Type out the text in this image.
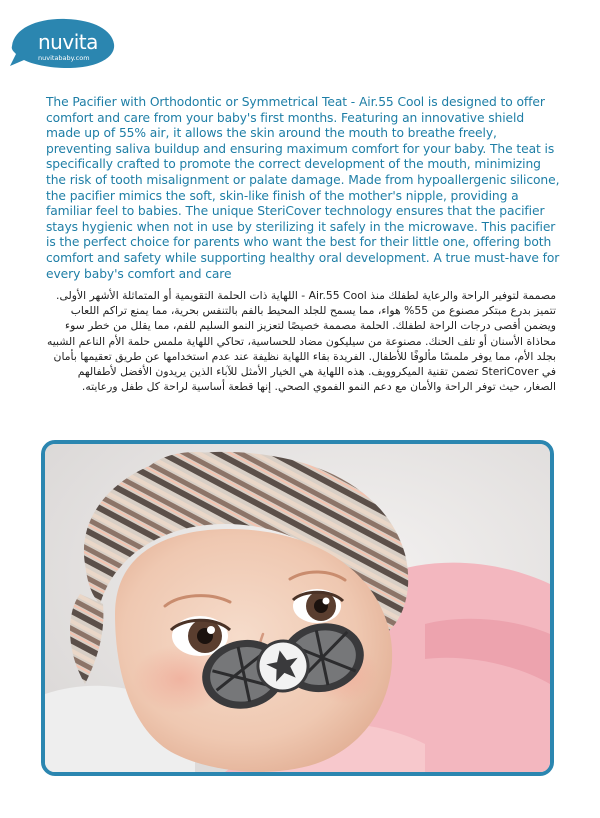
nuvita
nuvitababy.com

The Pacifier with Orthodontic or Symmetrical Teat - Air.55 Cool is designed to offer comfort and care from your baby's first months. Featuring an innovative shield made up of 55% air, it allows the skin around the mouth to breathe freely, preventing saliva buildup and ensuring maximum comfort for your baby. The teat is specifically crafted to promote the correct development of the mouth, minimizing the risk of tooth misalignment or palate damage. Made from hypoallergenic silicone, the pacifier mimics the soft, skin-like finish of the mother's nipple, providing a familiar feel to babies. The unique SteriCover technology ensures that the pacifier stays hygienic when not in use by sterilizing it safely in the microwave. This pacifier is the perfect choice for parents who want the best for their little one, offering both comfort and safety while supporting healthy oral development. A true must-have for every baby's comfort and care

مصممة لتوفير الراحة والرعاية لطفلك منذ Air.55 Cool - اللهاية ذات الحلمة التقويمية أو المتماثلة الأشهر الأولى. تتميز بدرع مبتكر مصنوع من 55% هواء، مما يسمح للجلد المحيط بالفم بالتنفس بحرية، مما يمنع تراكم اللعاب ويضمن أقصى درجات الراحة لطفلك. الحلمة مصممة خصيصًا لتعزيز النمو السليم للفم، مما يقلل من خطر سوء محاذاة الأسنان أو تلف الحنك. مصنوعة من سيليكون مضاد للحساسية، تحاكي اللهاية ملمس حلمة الأم الناعم الشبيه بجلد الأم، مما يوفر ملمسًا مألوفًا للأطفال. الفريدة بقاء اللهاية نظيفة عند عدم استخدامها عن طريق تعقيمها بأمان في SteriCover تضمن تقنية الميكروويف. هذه اللهاية هي الخيار الأمثل للآباء الذين يريدون الأفضل لأطفالهم الصغار، حيث توفر الراحة والأمان مع دعم النمو الفموي الصحي. إنها قطعة أساسية لراحة كل طفل ورعايته.
